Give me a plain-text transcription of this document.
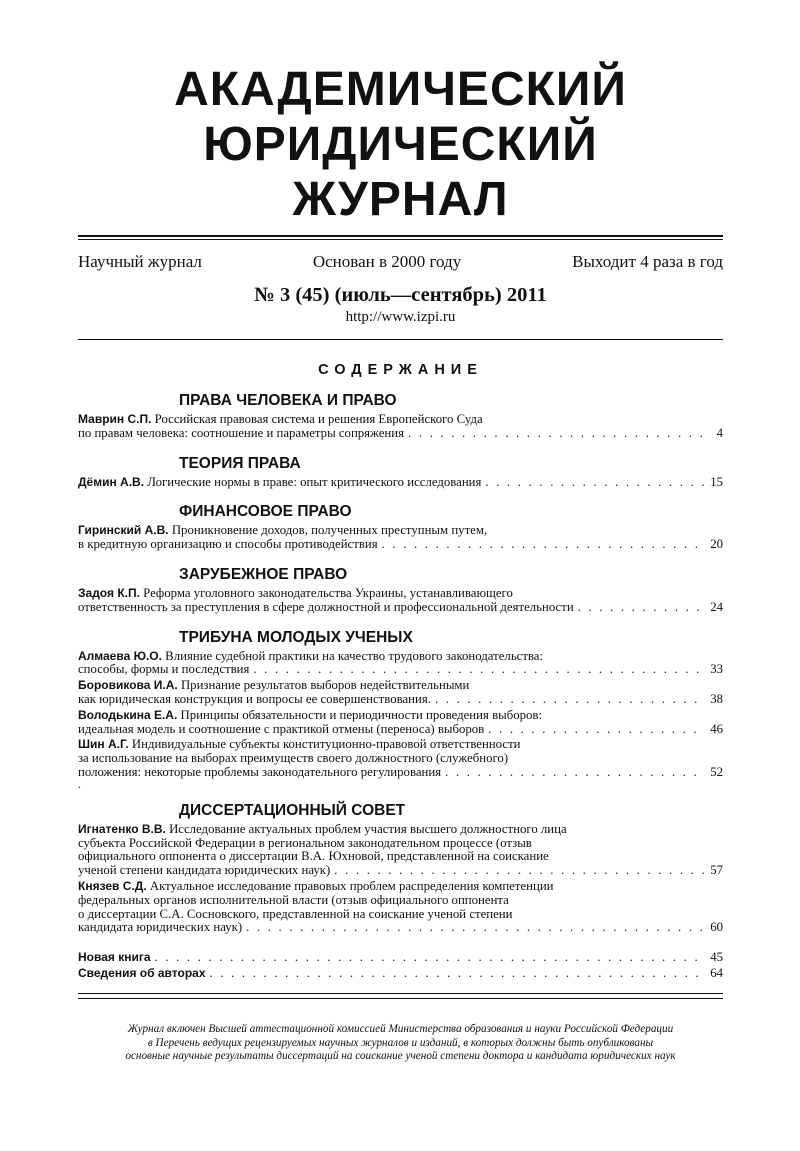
АКАДЕМИЧЕСКИЙ
ЮРИДИЧЕСКИЙ
ЖУРНАЛ
Научный журнал	Основан в 2000 году	Выходит 4 раза в год
№ 3 (45) (июль—сентябрь) 2011
http://www.izpi.ru
СОДЕРЖАНИЕ
ПРАВА ЧЕЛОВЕКА И ПРАВО
Маврин С.П. Российская правовая система и решения Европейского Суда
по правам человека: соотношение и параметры сопряжения . . .	4
ТЕОРИЯ ПРАВА
Дёмин А.В. Логические нормы в праве: опыт критического исследования . . .	15
ФИНАНСОВОЕ ПРАВО
Гиринский А.В. Проникновение доходов, полученных преступным путем,
в кредитную организацию и способы противодействия . . .	20
ЗАРУБЕЖНОЕ ПРАВО
Задоя К.П. Реформа уголовного законодательства Украины, устанавливающего
ответственность за преступления в сфере должностной и профессиональной деятельности . . .	24
ТРИБУНА МОЛОДЫХ УЧЕНЫХ
Алмаева Ю.О. Влияние судебной практики на качество трудового законодательства:
способы, формы и последствия . . .	33
Боровикова И.А. Признание результатов выборов недействительными
как юридическая конструкция и вопросы ее совершенствования. . . .	38
Володькина Е.А. Принципы обязательности и периодичности проведения выборов:
идеальная модель и соотношение с практикой отмены (переноса) выборов . . .	46
Шин А.Г. Индивидуальные субъекты конституционно-правовой ответственности
за использование на выборах преимуществ своего должностного (служебного)
положения: некоторые проблемы законодательного регулирования . . .	52
.
ДИССЕРТАЦИОННЫЙ СОВЕТ
Игнатенко В.В. Исследование актуальных проблем участия высшего должностного лица
субъекта Российской Федерации в региональном законодательном процессе (отзыв
официального оппонента о диссертации В.А. Юхновой, представленной на соискание
ученой степени кандидата юридических наук) . . .	57
Князев С.Д. Актуальное исследование правовых проблем распределения компетенции
федеральных органов исполнительной власти (отзыв официального оппонента
о диссертации С.А. Сосновского, представленной на соискание ученой степени
кандидата юридических наук) . . .	60
Новая книга . . .	45
Сведения об авторах . . .	64
Журнал включен Высшей аттестационной комиссией Министерства образования и науки Российской Федерации
в Перечень ведущих рецензируемых научных журналов и изданий, в которых должны быть опубликованы
основные научные результаты диссертаций на соискание ученой степени доктора и кандидата юридических наук
